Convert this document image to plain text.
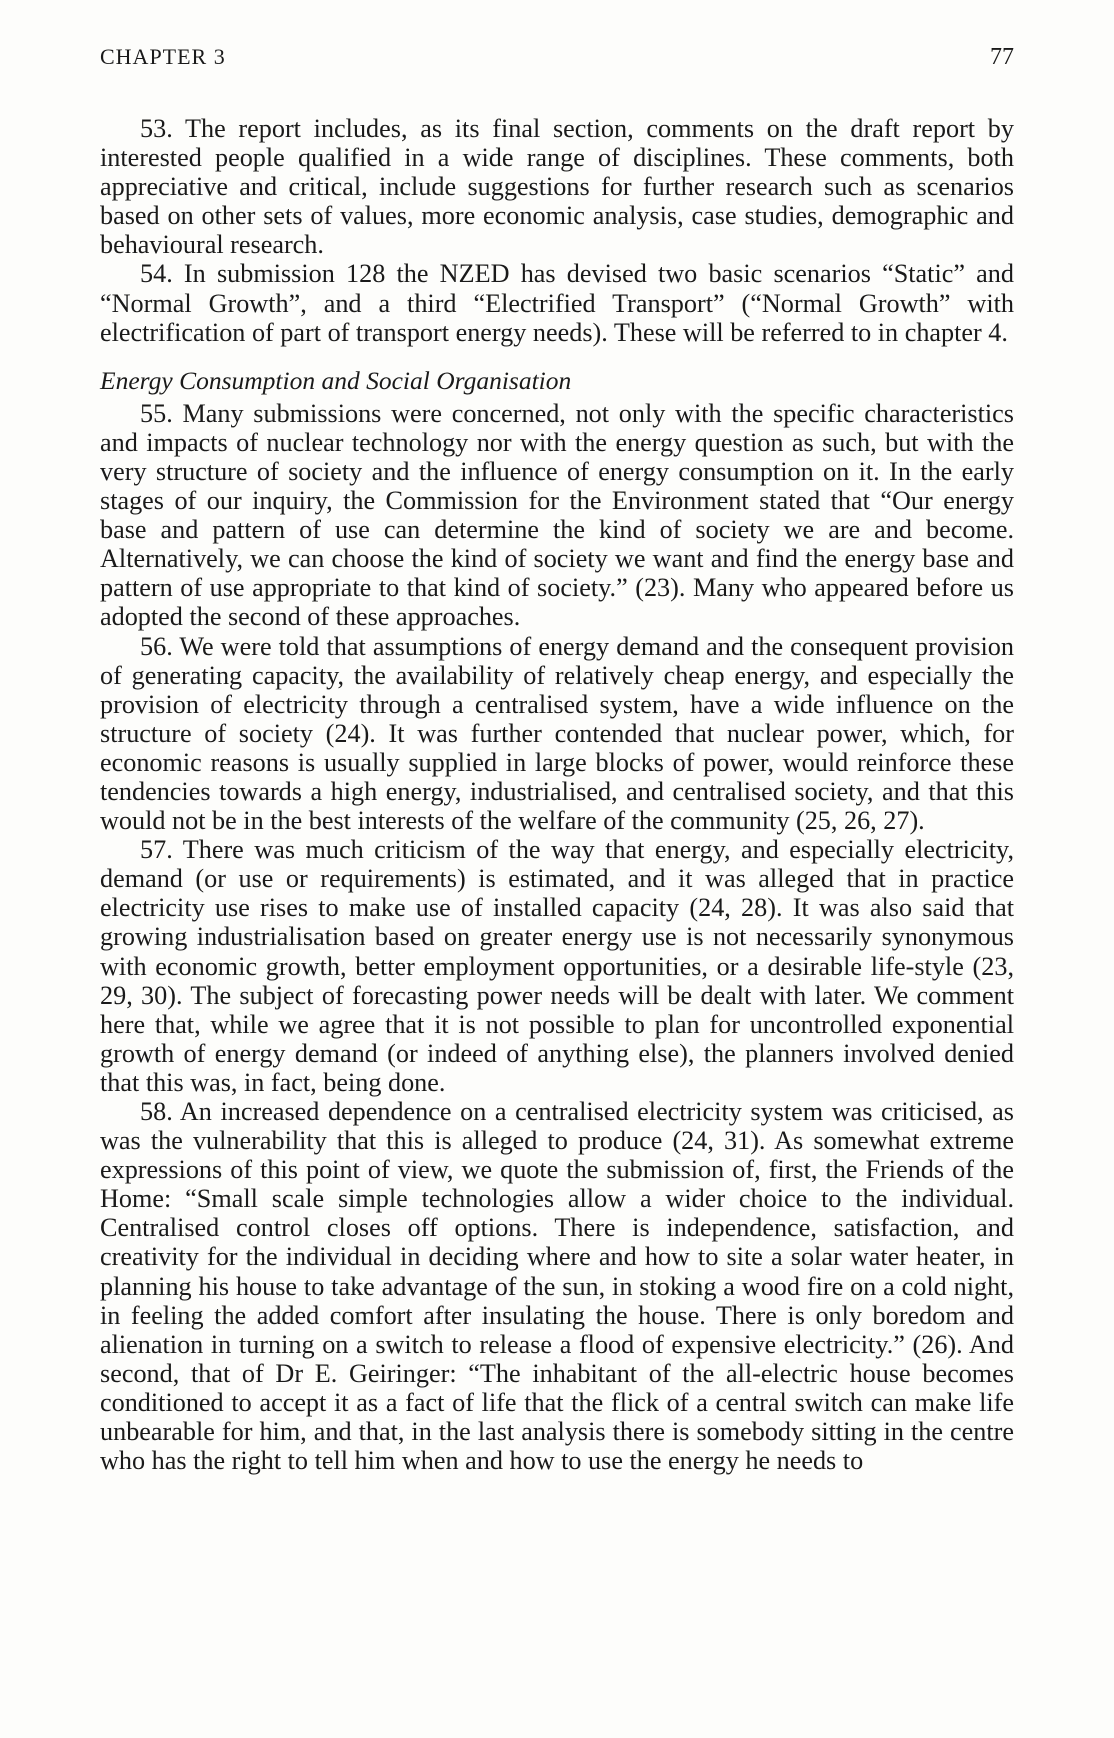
CHAPTER 3	77

53. The report includes, as its final section, comments on the draft report by interested people qualified in a wide range of disciplines. These comments, both appreciative and critical, include suggestions for further research such as scenarios based on other sets of values, more economic analysis, case studies, demographic and behavioural research.

54. In submission 128 the NZED has devised two basic scenarios “Static” and “Normal Growth”, and a third “Electrified Transport” (“Normal Growth” with electrification of part of transport energy needs). These will be referred to in chapter 4.

Energy Consumption and Social Organisation

55. Many submissions were concerned, not only with the specific characteristics and impacts of nuclear technology nor with the energy question as such, but with the very structure of society and the influence of energy consumption on it. In the early stages of our inquiry, the Commission for the Environment stated that “Our energy base and pattern of use can determine the kind of society we are and become. Alternatively, we can choose the kind of society we want and find the energy base and pattern of use appropriate to that kind of society.” (23). Many who appeared before us adopted the second of these approaches.

56. We were told that assumptions of energy demand and the consequent provision of generating capacity, the availability of relatively cheap energy, and especially the provision of electricity through a centralised system, have a wide influence on the structure of society (24). It was further contended that nuclear power, which, for economic reasons is usually supplied in large blocks of power, would reinforce these tendencies towards a high energy, industrialised, and centralised society, and that this would not be in the best interests of the welfare of the community (25, 26, 27).

57. There was much criticism of the way that energy, and especially electricity, demand (or use or requirements) is estimated, and it was alleged that in practice electricity use rises to make use of installed capacity (24, 28). It was also said that growing industrialisation based on greater energy use is not necessarily synonymous with economic growth, better employment opportunities, or a desirable life-style (23, 29, 30). The subject of forecasting power needs will be dealt with later. We comment here that, while we agree that it is not possible to plan for uncontrolled exponential growth of energy demand (or indeed of anything else), the planners involved denied that this was, in fact, being done.

58. An increased dependence on a centralised electricity system was criticised, as was the vulnerability that this is alleged to produce (24, 31). As somewhat extreme expressions of this point of view, we quote the submission of, first, the Friends of the Home: “Small scale simple technologies allow a wider choice to the individual. Centralised control closes off options. There is independence, satisfaction, and creativity for the individual in deciding where and how to site a solar water heater, in planning his house to take advantage of the sun, in stoking a wood fire on a cold night, in feeling the added comfort after insulating the house. There is only boredom and alienation in turning on a switch to release a flood of expensive electricity.” (26). And second, that of Dr E. Geiringer: “The inhabitant of the all-electric house becomes conditioned to accept it as a fact of life that the flick of a central switch can make life unbearable for him, and that, in the last analysis there is somebody sitting in the centre who has the right to tell him when and how to use the energy he needs to
